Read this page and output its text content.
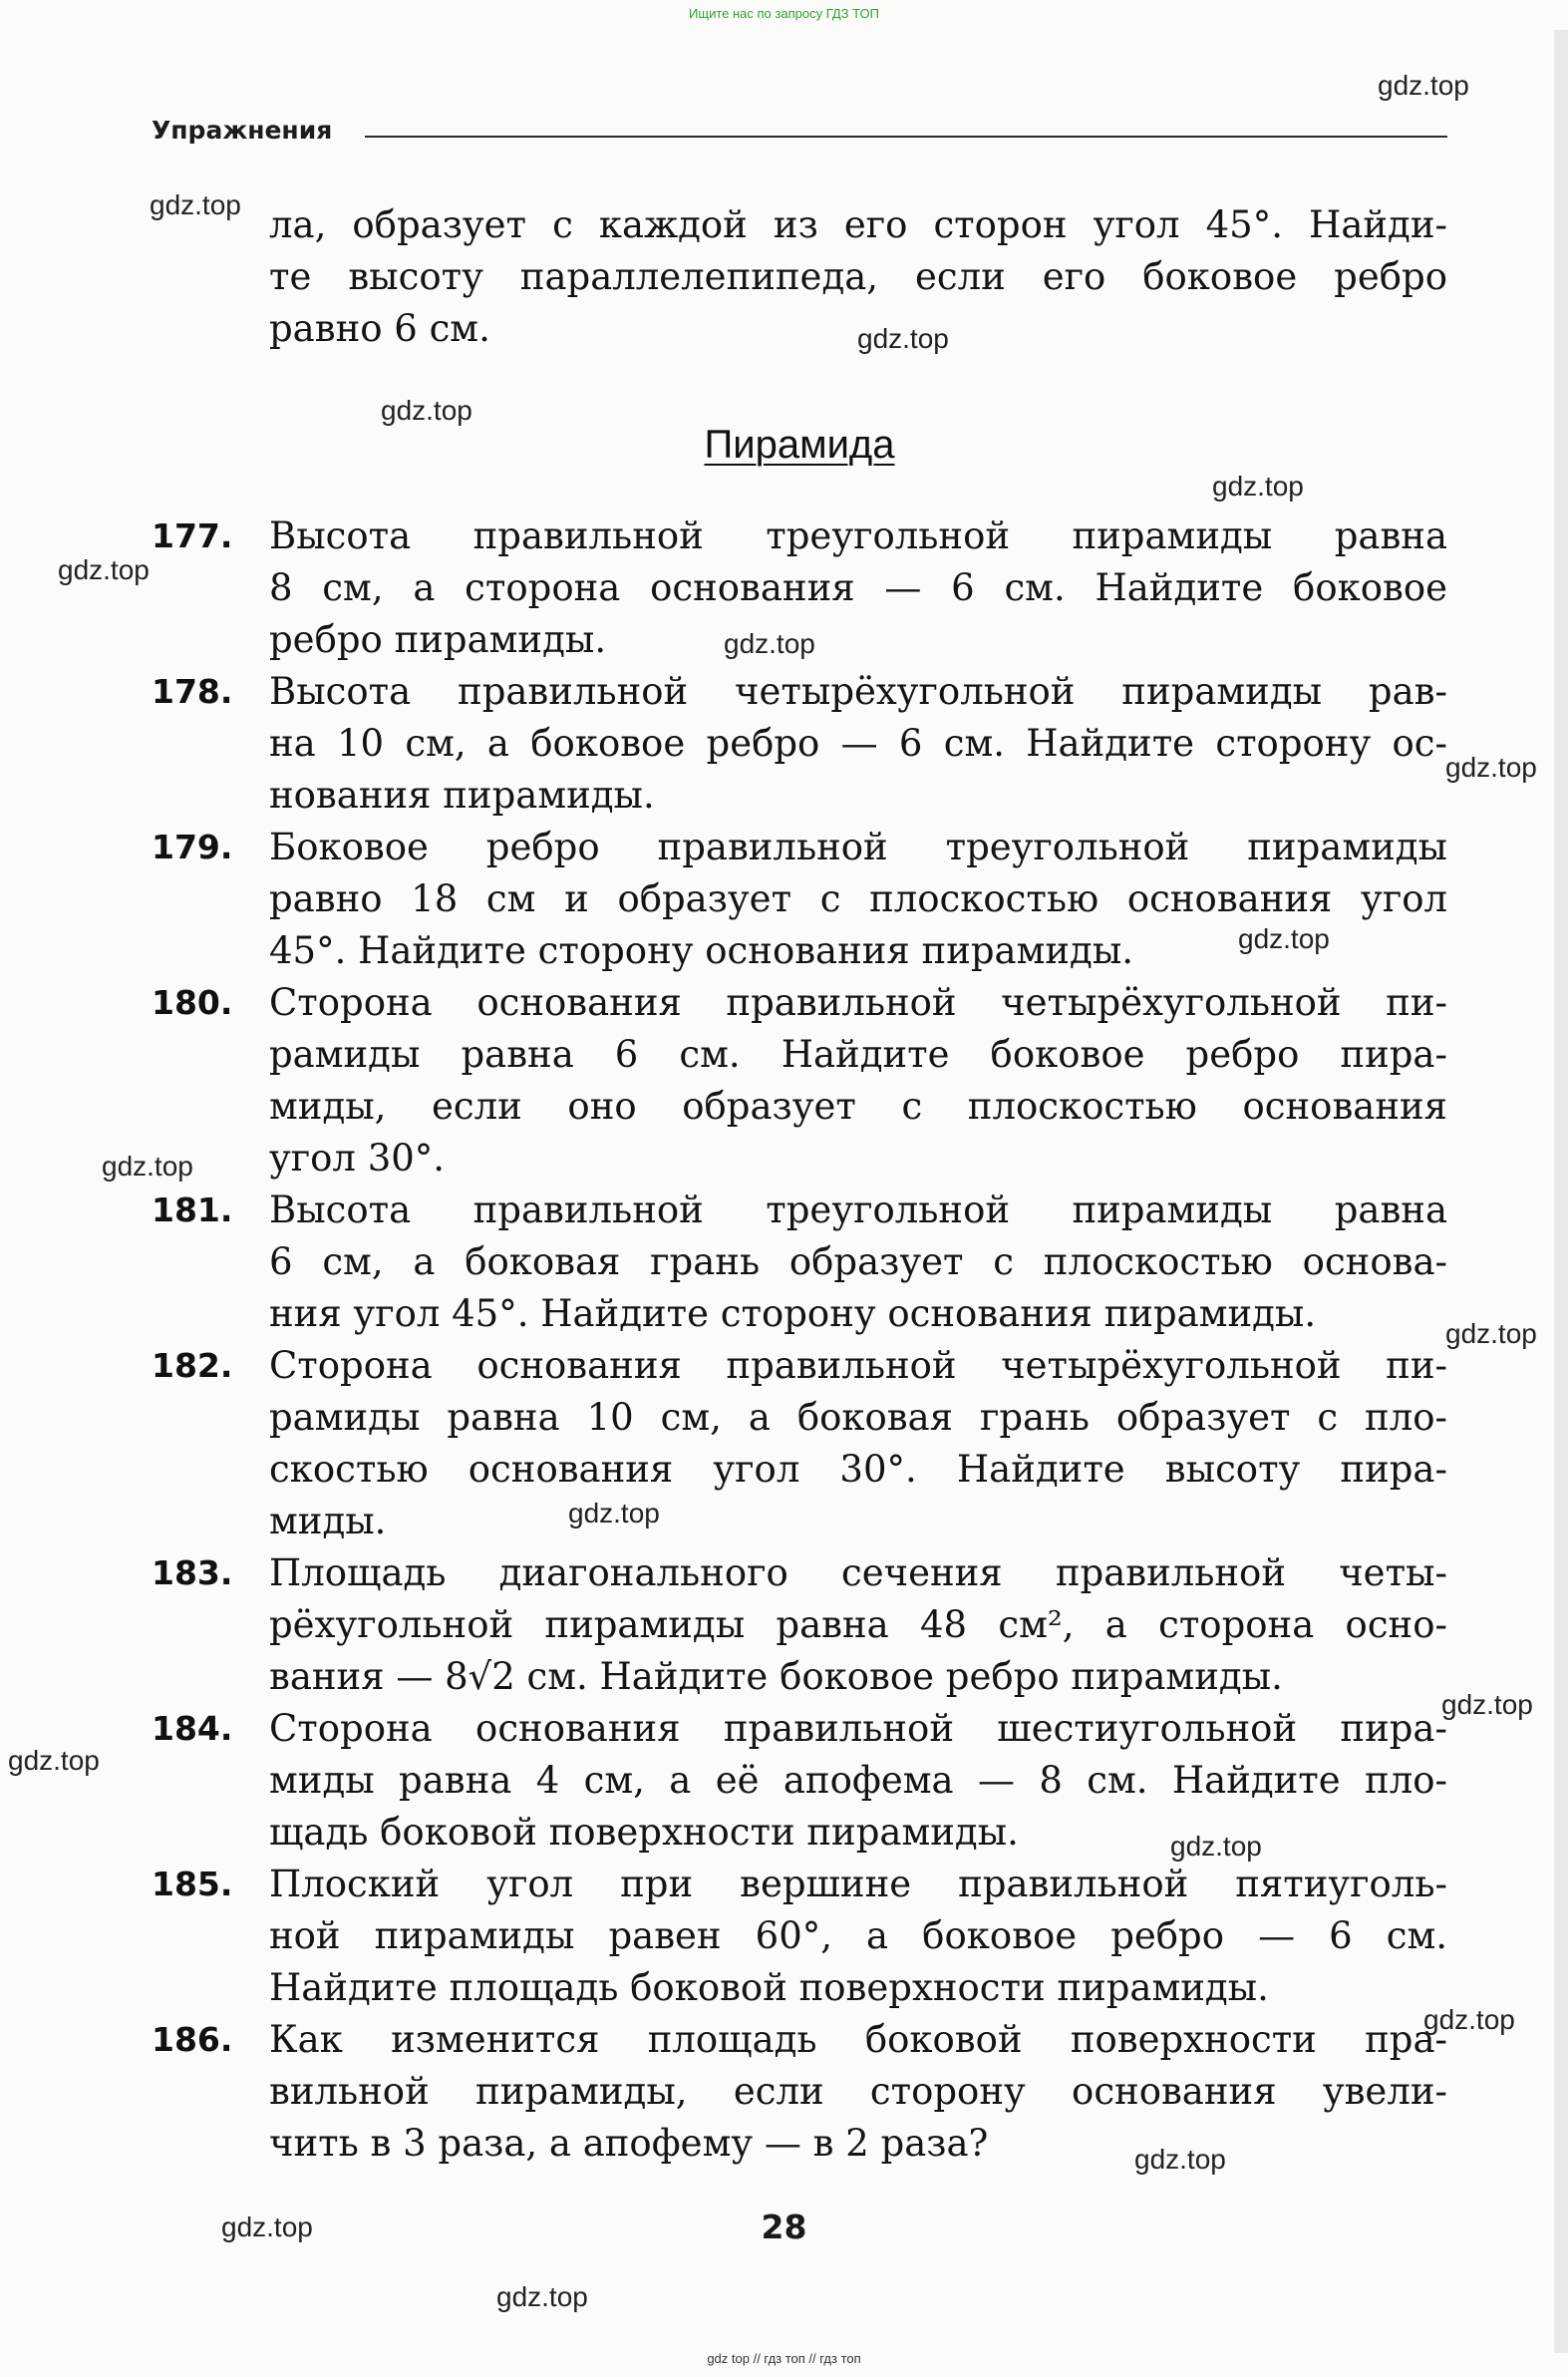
Ищите нас по запросу ГДЗ ТОП
Упражнения
ла, образует с каждой из его сторон угол 45°. Найди-
те высоту параллелепипеда, если его боковое ребро
равно 6 см.
Пирамида
177. Высота правильной треугольной пирамиды равна
8 см, а сторона основания — 6 см. Найдите боковое
ребро пирамиды.
178. Высота правильной четырёхугольной пирамиды рав-
на 10 см, а боковое ребро — 6 см. Найдите сторону ос-
нования пирамиды.
179. Боковое ребро правильной треугольной пирамиды
равно 18 см и образует с плоскостью основания угол
45°. Найдите сторону основания пирамиды.
180. Сторона основания правильной четырёхугольной пи-
рамиды равна 6 см. Найдите боковое ребро пира-
миды, если оно образует с плоскостью основания
угол 30°.
181. Высота правильной треугольной пирамиды равна
6 см, а боковая грань образует с плоскостью основа-
ния угол 45°. Найдите сторону основания пирамиды.
182. Сторона основания правильной четырёхугольной пи-
рамиды равна 10 см, а боковая грань образует с пло-
скостью основания угол 30°. Найдите высоту пира-
миды.
183. Площадь диагонального сечения правильной четы-
рёхугольной пирамиды равна 48 см², а сторона осно-
вания — 8√2 см. Найдите боковое ребро пирамиды.
184. Сторона основания правильной шестиугольной пира-
миды равна 4 см, а её апофема — 8 см. Найдите пло-
щадь боковой поверхности пирамиды.
185. Плоский угол при вершине правильной пятиуголь-
ной пирамиды равен 60°, а боковое ребро — 6 см.
Найдите площадь боковой поверхности пирамиды.
186. Как изменится площадь боковой поверхности пра-
вильной пирамиды, если сторону основания увели-
чить в 3 раза, а апофему — в 2 раза?
28
gdz.top
gdz.top
gdz.top
gdz.top
gdz.top
gdz.top
gdz.top
gdz.top
gdz.top
gdz.top
gdz.top
gdz.top
gdz.top
gdz.top
gdz.top
gdz.top
gdz.top
gdz.top
gdz.top
gdz top // гдз топ // гдз топ
